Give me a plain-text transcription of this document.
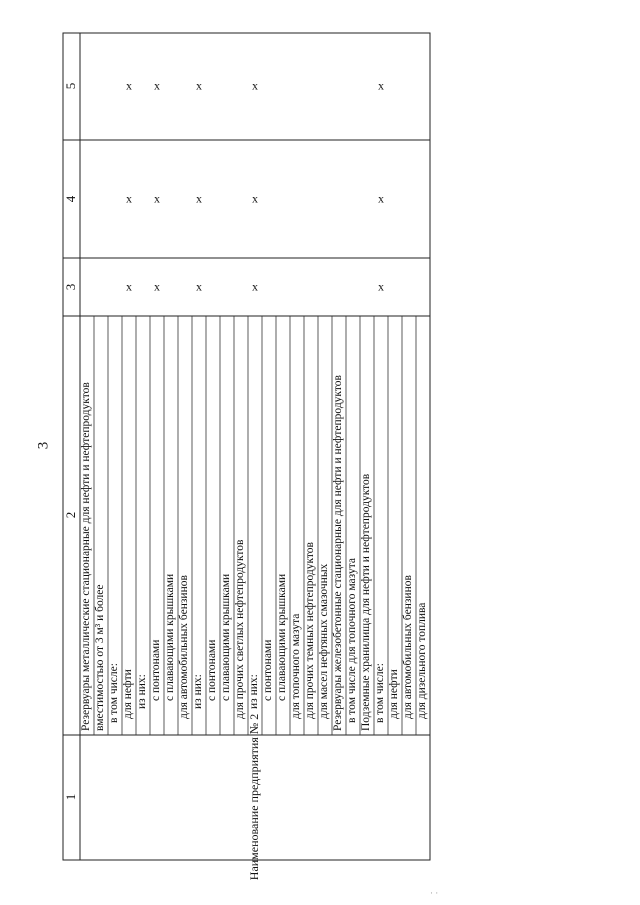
3
5
4
3
2
1	Наименование предприятия № 2
Резервуары металлические стационарные для нефти и нефтепродуктов вместимостью от 3 м³ и более в том числе: для нефти
х
х
х
из них: с понтонами
х
х
х
с плавающими крышками для автомобильных бензинов из них:
х
х
х
с понтонами с плавающими крышками для прочих светлых нефтепродуктов из них:
х
х
х
с понтонами с плавающими крышками для топочного мазута для прочих темных нефтепродуктов для масел нефтяных смазочных Резервуары железобетонные стационарные для нефти и нефтепродуктов в том числе для топочного мазута Подземные хранилища для нефти и нефтепродуктов в том числе:
х
х
х
для нефти для автомобильных бензинов для дизельного топлива
· ·
